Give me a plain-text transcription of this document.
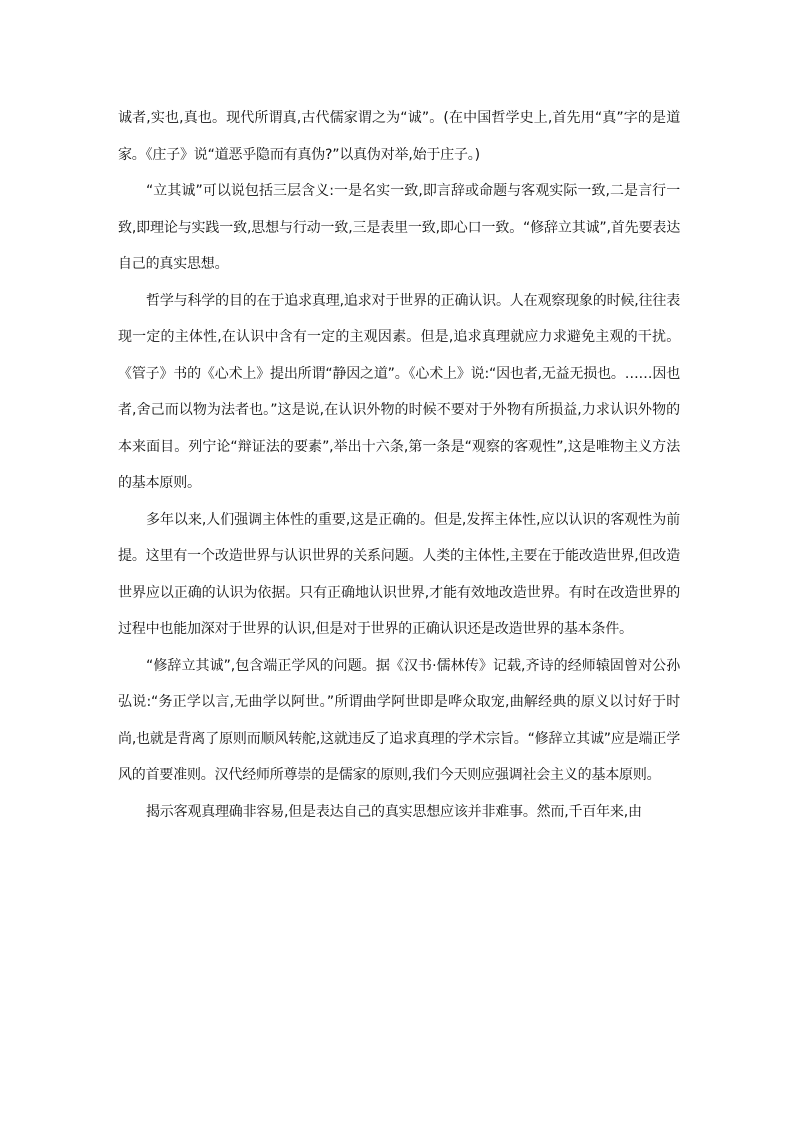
诚者,实也,真也。现代所谓真,古代儒家谓之为“诚”。(在中国哲学史上,首先用“真”字的是道家。《庄子》说“道恶乎隐而有真伪?”以真伪对举,始于庄子。)

“立其诚”可以说包括三层含义:一是名实一致,即言辞或命题与客观实际一致,二是言行一致,即理论与实践一致,思想与行动一致,三是表里一致,即心口一致。“修辞立其诚”,首先要表达自己的真实思想。

哲学与科学的目的在于追求真理,追求对于世界的正确认识。人在观察现象的时候,往往表现一定的主体性,在认识中含有一定的主观因素。但是,追求真理就应力求避免主观的干扰。《管子》书的《心术上》提出所谓“静因之道”。《心术上》说:“因也者,无益无损也。……因也者,舍己而以物为法者也。”这是说,在认识外物的时候不要对于外物有所损益,力求认识外物的本来面目。列宁论“辩证法的要素”,举出十六条,第一条是“观察的客观性”,这是唯物主义方法的基本原则。

多年以来,人们强调主体性的重要,这是正确的。但是,发挥主体性,应以认识的客观性为前提。这里有一个改造世界与认识世界的关系问题。人类的主体性,主要在于能改造世界,但改造世界应以正确的认识为依据。只有正确地认识世界,才能有效地改造世界。有时在改造世界的过程中也能加深对于世界的认识,但是对于世界的正确认识还是改造世界的基本条件。

“修辞立其诚”,包含端正学风的问题。据《汉书·儒林传》记载,齐诗的经师辕固曾对公孙弘说:“务正学以言,无曲学以阿世。”所谓曲学阿世即是哗众取宠,曲解经典的原义以讨好于时尚,也就是背离了原则而顺风转舵,这就违反了追求真理的学术宗旨。“修辞立其诚”应是端正学风的首要准则。汉代经师所尊崇的是儒家的原则,我们今天则应强调社会主义的基本原则。

揭示客观真理确非容易,但是表达自己的真实思想应该并非难事。然而,千百年来,由
